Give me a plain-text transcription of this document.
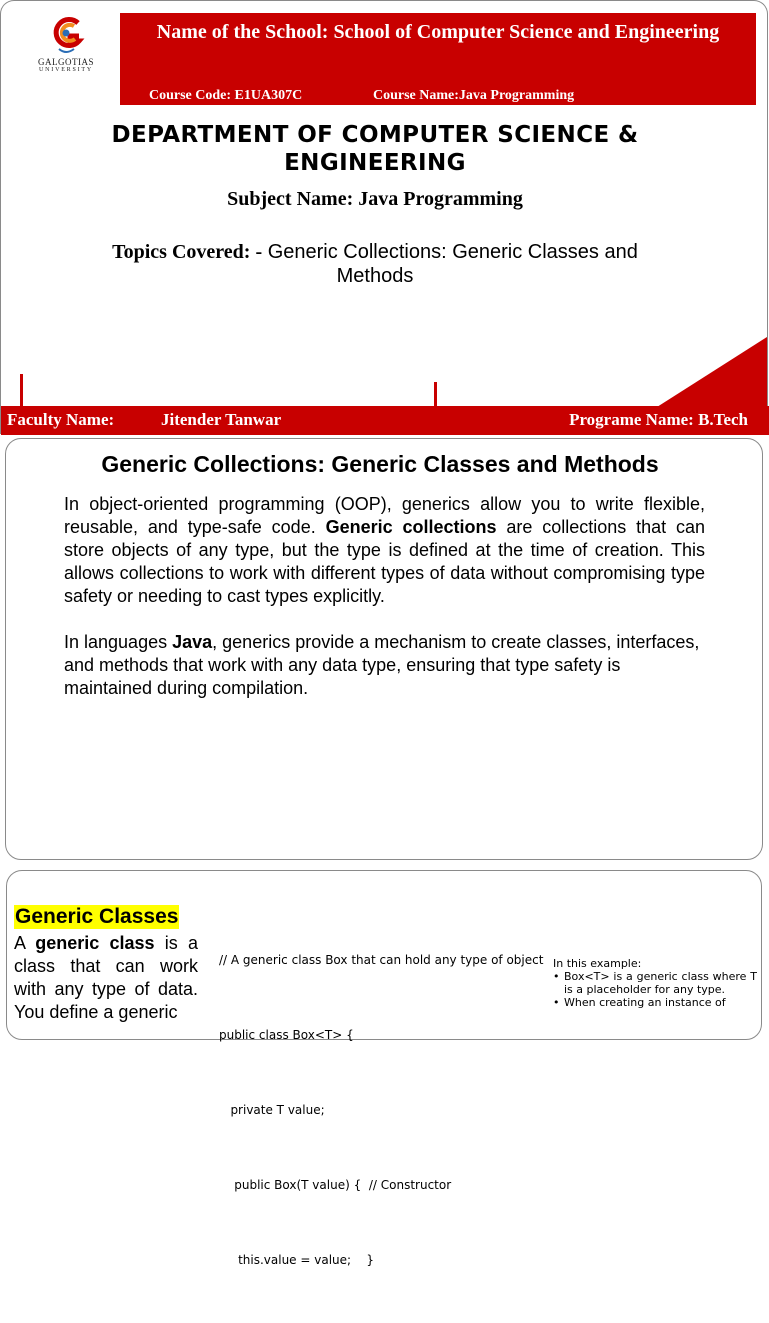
GALGOTIAS
UNIVERSITY
Name of the School: School of Computer Science and Engineering
Course Code: E1UA307C	Course Name:Java Programming
DEPARTMENT OF COMPUTER SCIENCE & ENGINEERING
Subject Name: Java Programming
Topics Covered: - Generic Collections: Generic Classes and Methods
Faculty Name:	Jitender Tanwar	Programe Name: B.Tech
Generic Collections: Generic Classes and Methods

In object-oriented programming (OOP), generics allow you to write flexible, reusable, and type-safe code. Generic collections are collections that can store objects of any type, but the type is defined at the time of creation. This allows collections to work with different types of data without compromising type safety or needing to cast types explicitly.

In languages Java, generics provide a mechanism to create classes, interfaces, and methods that work with any data type, ensuring that type safety is maintained during compilation.

Generic Classes
A generic class is a class that can work with any type of data. You define a generic

// A generic class Box that can hold any type of object

public class Box<T> {

private T value;

public Box(T value) {  // Constructor

this.value = value;    }

In this example:
• Box<T> is a generic class where T is a placeholder for any type.
• When creating an instance of
